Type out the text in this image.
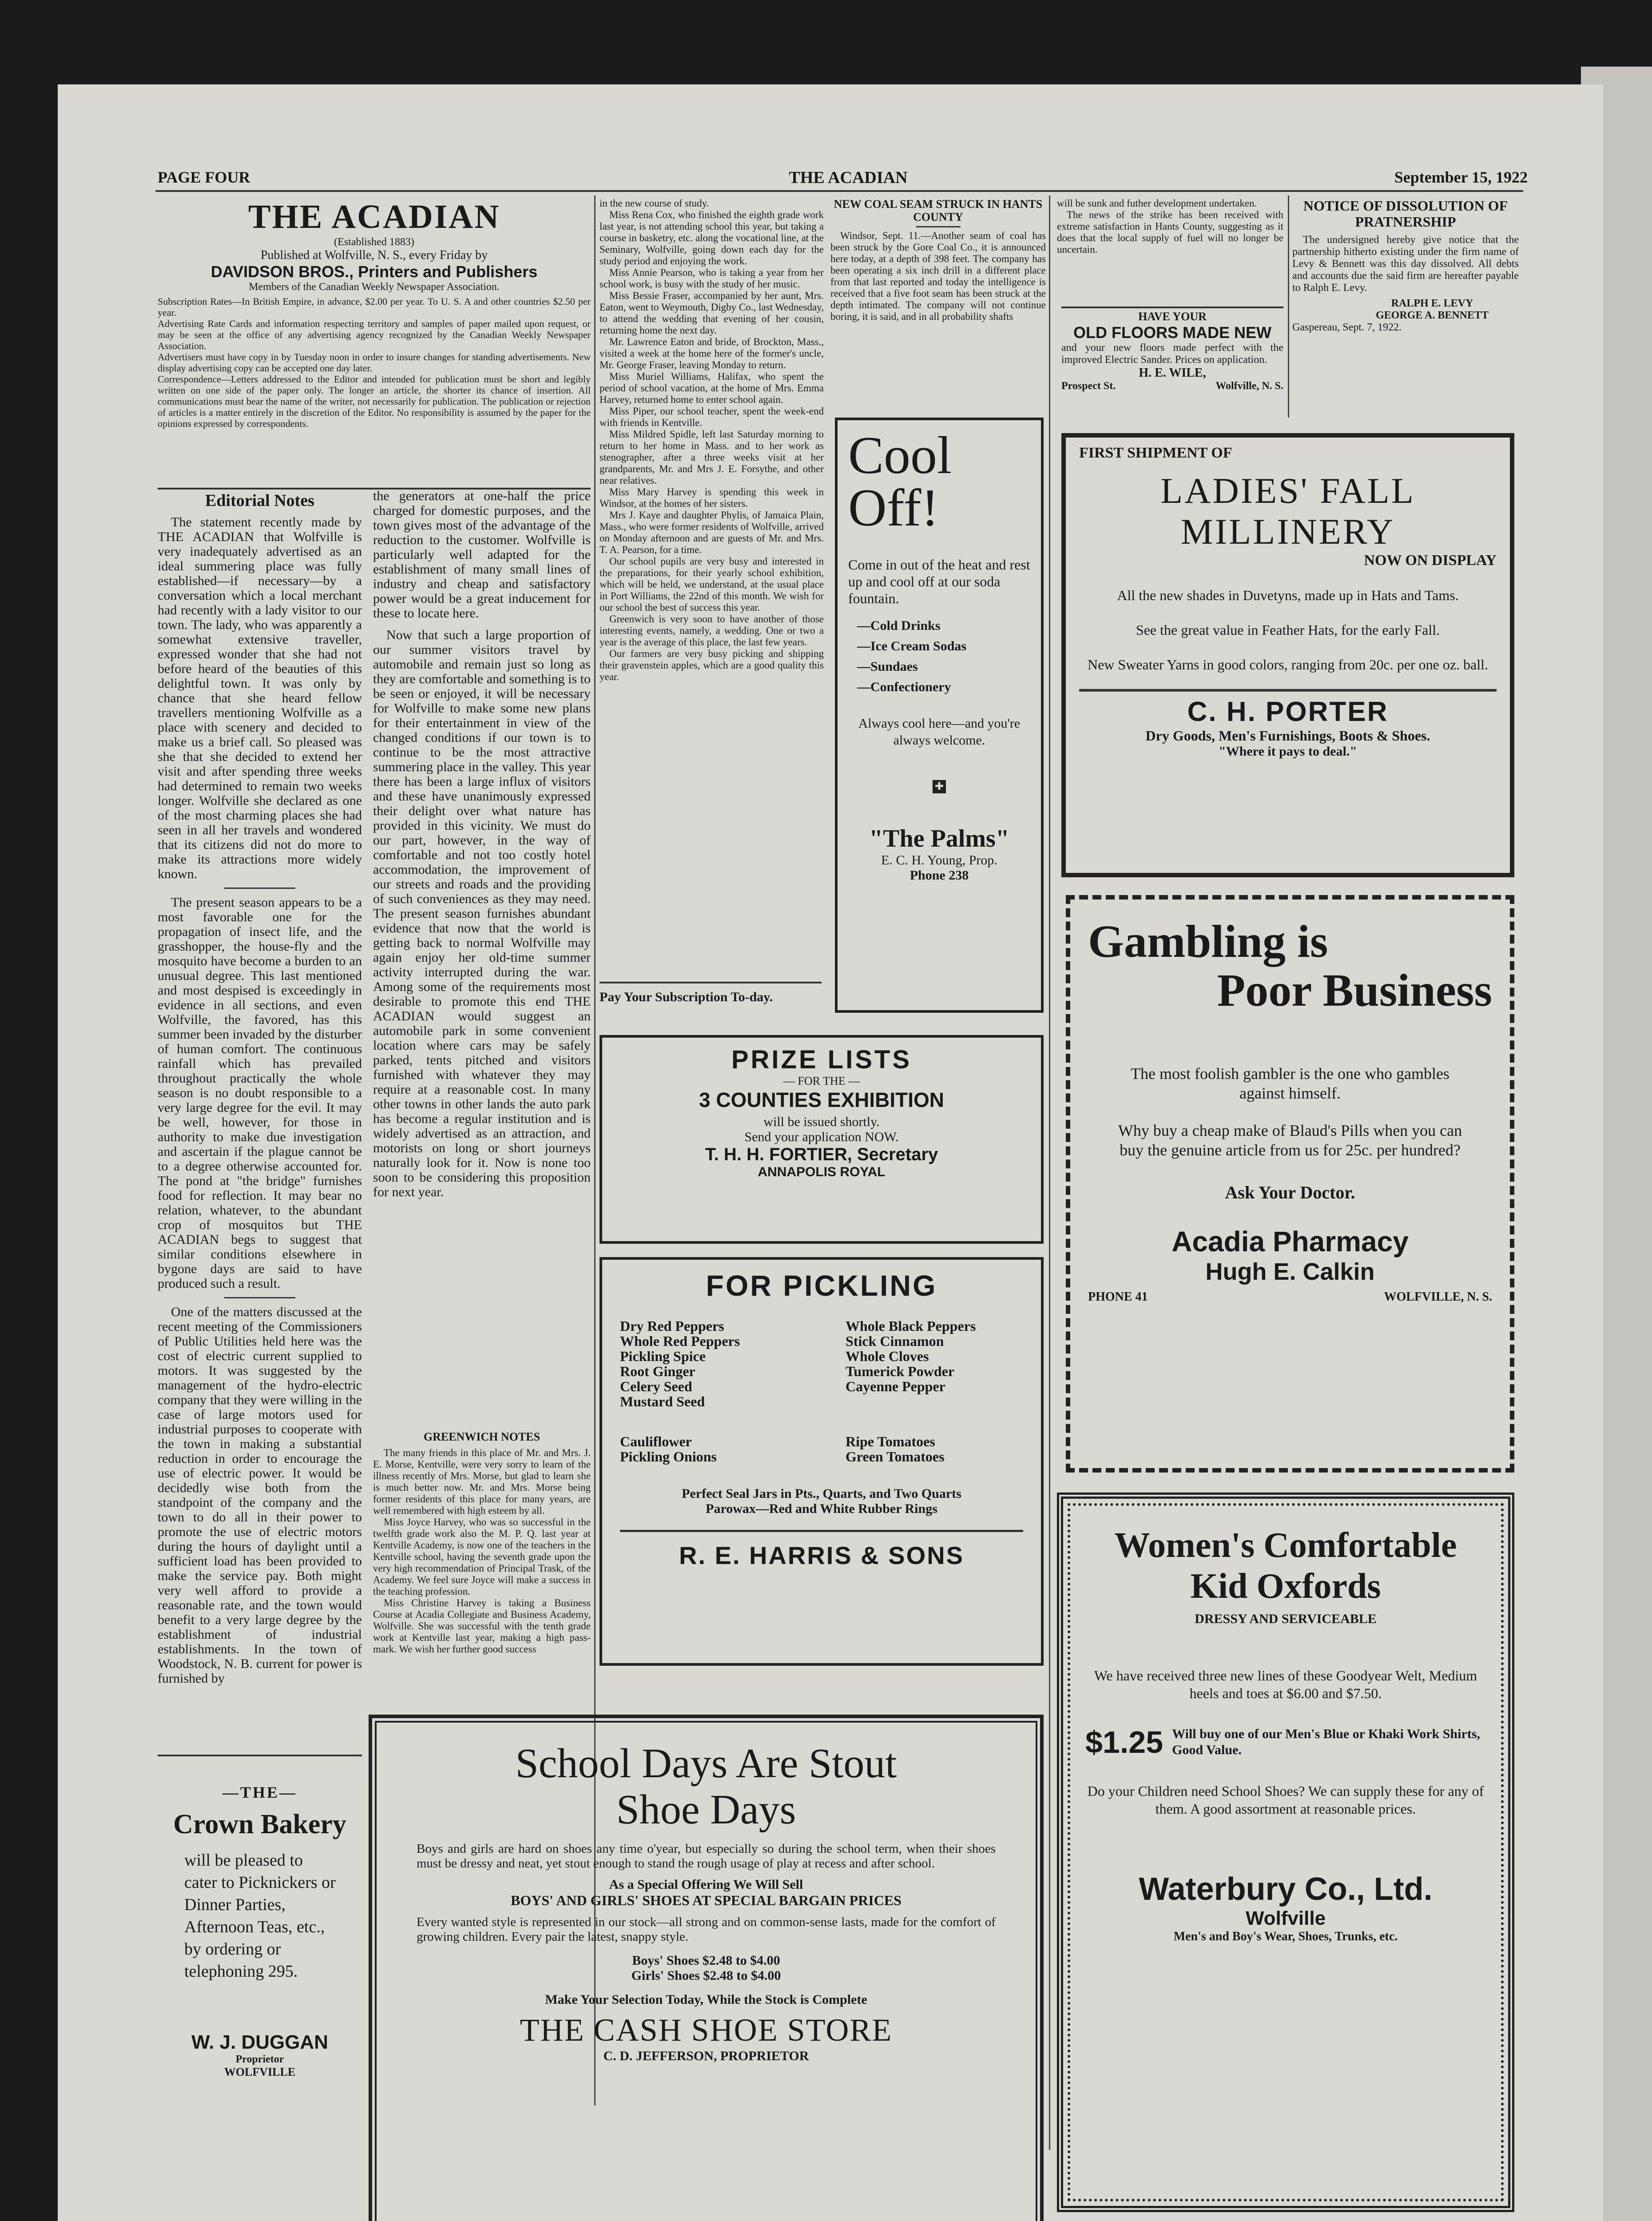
PAGE FOUR	THE ACADIAN	September 15, 1922

THE ACADIAN

(Established 1883)

Published at Wolfville, N. S., every Friday by

DAVIDSON BROS., Printers and Publishers

Members of the Canadian Weekly Newspaper Association.

Subscription Rates—In British Empire, in advance, $2.00 per year. To U. S. A and other countries $2.50 per year.

Advertising Rate Cards and information respecting territory and samples of paper mailed upon request, or may be seen at the office of any advertising agency recognized by the Canadian Weekly Newspaper Association.

Advertisers must have copy in by Tuesday noon in order to insure changes for standing advertisements. New display advertising copy can be accepted one day later.

Correspondence—Letters addressed to the Editor and intended for publication must be short and legibly written on one side of the paper only. The longer an article, the shorter its chance of insertion. All communications must bear the name of the writer, not necessarily for publication. The publication or rejection of articles is a matter entirely in the discretion of the Editor. No responsibility is assumed by the paper for the opinions expressed by correspondents.

Editorial Notes

The statement recently made by THE ACADIAN that Wolfville is very inadequately advertised as an ideal summering place was fully established—if necessary—by a conversation which a local merchant had recently with a lady visitor to our town. The lady, who was apparently a somewhat extensive traveller, expressed wonder that she had not before heard of the beauties of this delightful town. It was only by chance that she heard fellow travellers mentioning Wolfville as a place with scenery and decided to make us a brief call. So pleased was she that she decided to extend her visit and after spending three weeks had determined to remain two weeks longer. Wolfville she declared as one of the most charming places she had seen in all her travels and wondered that its citizens did not do more to make its attractions more widely known.

The present season appears to be a most favorable one for the propagation of insect life, and the grasshopper, the house-fly and the mosquito have become a burden to an unusual degree. This last mentioned and most despised is exceedingly in evidence in all sections, and even Wolfville, the favored, has this summer been invaded by the disturber of human comfort. The continuous rainfall which has prevailed throughout practically the whole season is no doubt responsible to a very large degree for the evil. It may be well, however, for those in authority to make due investigation and ascertain if the plague cannot be to a degree otherwise accounted for. The pond at "the bridge" furnishes food for reflection. It may bear no relation, whatever, to the abundant crop of mosquitos but THE ACADIAN begs to suggest that similar conditions elsewhere in bygone days are said to have produced such a result.

One of the matters discussed at the recent meeting of the Commissioners of Public Utilities held here was the cost of electric current supplied to motors. It was suggested by the management of the hydro-electric company that they were willing in the case of large motors used for industrial purposes to cooperate with the town in making a substantial reduction in order to encourage the use of electric power. It would be decidedly wise both from the standpoint of the company and the town to do all in their power to promote the use of electric motors during the hours of daylight until a sufficient load has been provided to make the service pay. Both might very well afford to provide a reasonable rate, and the town would benefit to a very large degree by the establishment of industrial establishments. In the town of Woodstock, N. B. current for power is furnished by

the generators at one-half the price charged for domestic purposes, and the town gives most of the advantage of the reduction to the customer. Wolfville is particularly well adapted for the establishment of many small lines of industry and cheap and satisfactory power would be a great inducement for these to locate here.

Now that such a large proportion of our summer visitors travel by automobile and remain just so long as they are comfortable and something is to be seen or enjoyed, it will be necessary for Wolfville to make some new plans for their entertainment in view of the changed conditions if our town is to continue to be the most attractive summering place in the valley. This year there has been a large influx of visitors and these have unanimously expressed their delight over what nature has provided in this vicinity. We must do our part, however, in the way of comfortable and not too costly hotel accommodation, the improvement of our streets and roads and the providing of such conveniences as they may need. The present season furnishes abundant evidence that now that the world is getting back to normal Wolfville may again enjoy her old-time summer activity interrupted during the war. Among some of the requirements most desirable to promote this end THE ACADIAN would suggest an automobile park in some convenient location where cars may be safely parked, tents pitched and visitors furnished with whatever they may require at a reasonable cost. In many other towns in other lands the auto park has become a regular institution and is widely advertised as an attraction, and motorists on long or short journeys naturally look for it. Now is none too soon to be considering this proposition for next year.

GREENWICH NOTES

The many friends in this place of Mr. and Mrs. J. E. Morse, Kentville, were very sorry to learn of the illness recently of Mrs. Morse, but glad to learn she is much better now. Mr. and Mrs. Morse being former residents of this place for many years, are well remembered with high esteem by all.

Miss Joyce Harvey, who was so successful in the twelfth grade work also the M. P. Q. last year at Kentville Academy, is now one of the teachers in the Kentville school, having the seventh grade upon the very high recommendation of Principal Trask, of the Academy. We feel sure Joyce will make a success in the teaching profession.

Miss Christine Harvey is taking a Business Course at Acadia Collegiate and Business Academy, Wolfville. She was successful with the tenth grade work at Kentville last year, making a high pass-mark. We wish her further good success

in the new course of study.

Miss Rena Cox, who finished the eighth grade work last year, is not attending school this year, but taking a course in basketry, etc. along the vocational line, at the Seminary, Wolfville, going down each day for the study period and enjoying the work.

Miss Annie Pearson, who is taking a year from her school work, is busy with the study of her music.

Miss Bessie Fraser, accompanied by her aunt, Mrs. Eaton, went to Weymouth, Digby Co., last Wednesday, to attend the wedding that evening of her cousin, returning home the next day.

Mr. Lawrence Eaton and bride, of Brockton, Mass., visited a week at the home here of the former's uncle, Mr. George Fraser, leaving Monday to return.

Miss Muriel Williams, Halifax, who spent the period of school vacation, at the home of Mrs. Emma Harvey, returned home to enter school again.

Miss Piper, our school teacher, spent the week-end with friends in Kentville.

Miss Mildred Spidle, left last Saturday morning to return to her home in Mass. and to her work as stenographer, after a three weeks visit at her grandparents, Mr. and Mrs J. E. Forsythe, and other near relatives.

Miss Mary Harvey is spending this week in Windsor, at the homes of her sisters.

Mrs J. Kaye and daughter Phylis, of Jamaica Plain, Mass., who were former residents of Wolfville, arrived on Monday afternoon and are guests of Mr. and Mrs. T. A. Pearson, for a time.

Our school pupils are very busy and interested in the preparations, for their yearly school exhibition, which will be held, we understand, at the usual place in Port Williams, the 22nd of this month. We wish for our school the best of success this year.

Greenwich is very soon to have another of those interesting events, namely, a wedding. One or two a year is the average of this place, the last few years.

Our farmers are very busy picking and shipping their gravenstein apples, which are a good quality this year.

Pay Your Subscription To-day.

NEW COAL SEAM STRUCK IN HANTS COUNTY

Windsor, Sept. 11.—Another seam of coal has been struck by the Gore Coal Co., it is announced here today, at a depth of 398 feet. The company has been operating a six inch drill in a different place from that last reported and today the intelligence is received that a five foot seam has been struck at the depth intimated. The company will not continue boring, it is said, and in all probability shafts

will be sunk and futher development undertaken.

The news of the strike has been received with extreme satisfaction in Hants County, suggesting as it does that the local supply of fuel will no longer be uncertain.

HAVE YOUR

OLD FLOORS MADE NEW

and your new floors made perfect with the improved Electric Sander. Prices on application.

H. E. WILE,

Prospect St.	Wolfville, N. S.

NOTICE OF DISSOLUTION OF PRATNERSHIP

The undersigned hereby give notice that the partnership hitherto existing under the firm name of Levy & Bennett was this day dissolved. All debts and accounts due the said firm are hereafter payable to Ralph E. Levy.

RALPH E. LEVY

GEORGE A. BENNETT

Gaspereau, Sept. 7, 1922.

Cool Off!

Come in out of the heat and rest up and cool off at our soda fountain.

—Cold Drinks
—Ice Cream Sodas
—Sundaes
—Confectionery

Always cool here—and you're always welcome.

✚

"The Palms"

E. C. H. Young, Prop.

Phone 238

FIRST SHIPMENT OF

LADIES' FALL MILLINERY

NOW ON DISPLAY

All the new shades in Duvetyns, made up in Hats and Tams.

See the great value in Feather Hats, for the early Fall.

New Sweater Yarns in good colors, ranging from 20c. per one oz. ball.

C. H. PORTER

Dry Goods, Men's Furnishings, Boots & Shoes.

"Where it pays to deal."

PRIZE LISTS

— FOR THE —

3 COUNTIES EXHIBITION

will be issued shortly.

Send your application NOW.

T. H. H. FORTIER, Secretary

ANNAPOLIS ROYAL

FOR PICKLING

Dry Red Peppers
Whole Red Peppers
Pickling Spice
Root Ginger
Celery Seed
Mustard Seed
Whole Black Peppers
Stick Cinnamon
Whole Cloves
Tumerick Powder
Cayenne Pepper
Cauliflower
Pickling Onions
Ripe Tomatoes
Green Tomatoes

Perfect Seal Jars in Pts., Quarts, and Two Quarts

Parowax—Red and White Rubber Rings

R. E. HARRIS & SONS

Gambling is

Poor Business

The most foolish gambler is the one who gambles against himself.

Why buy a cheap make of Blaud's Pills when you can buy the genuine article from us for 25c. per hundred?

Ask Your Doctor.

Acadia Pharmacy

Hugh E. Calkin

PHONE 41	WOLFVILLE, N. S.

Women's Comfortable

Kid Oxfords

DRESSY AND SERVICEABLE

We have received three new lines of these Goodyear Welt, Medium heels and toes at $6.00 and $7.50.

$1.25 Will buy one of our Men's Blue or Khaki Work Shirts, Good Value.

Do your Children need School Shoes? We can supply these for any of them. A good assortment at reasonable prices.

Waterbury Co., Ltd.

Wolfville

Men's and Boy's Wear, Shoes, Trunks, etc.

School Days Are Stout

Shoe Days

Boys and girls are hard on shoes any time o'year, but especially so during the school term, when their shoes must be dressy and neat, yet stout enough to stand the rough usage of play at recess and after school.

As a Special Offering We Will Sell

BOYS' AND GIRLS' SHOES AT SPECIAL BARGAIN PRICES

Every wanted style is represented in our stock—all strong and on common-sense lasts, made for the comfort of growing children. Every pair the latest, snappy style.

Boys' Shoes $2.48 to $4.00

Girls' Shoes $2.48 to $4.00

Make Your Selection Today, While the Stock is Complete

THE CASH SHOE STORE

C. D. JEFFERSON, PROPRIETOR

—THE—

Crown Bakery

will be pleased to cater to Picknickers or Dinner Parties, Afternoon Teas, etc., by ordering or telephoning 295.

W. J. DUGGAN

Proprietor

WOLFVILLE
